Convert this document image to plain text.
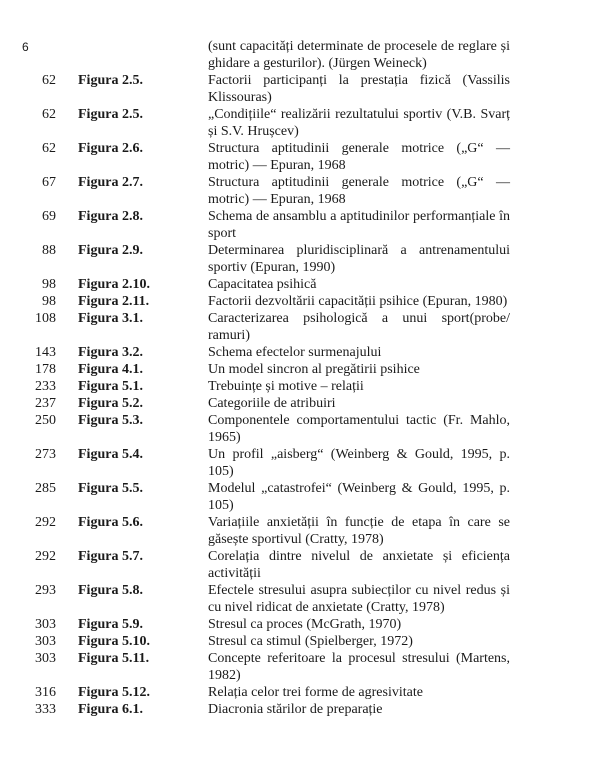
6	(sunt capacități determinate de procesele de reglare și ghidare a gesturilor). (Jürgen Weineck)
62	Figura 2.5.	Factorii participanți la prestația fizică (Vassilis Klissouras)
62	Figura 2.5.	„Condițiile“ realizării rezultatului sportiv (V.B. Svarț și S.V. Hrușcev)
62	Figura 2.6.	Structura aptitudinii generale motrice („G“ — motric) — Epuran, 1968
67	Figura 2.7.	Structura aptitudinii generale motrice („G“ — motric) — Epuran, 1968
69	Figura 2.8.	Schema de ansamblu a aptitudinilor performanțiale în sport
88	Figura 2.9.	Determinarea pluridisciplinară a antrenamentului sportiv (Epuran, 1990)
98	Figura 2.10.	Capacitatea psihică
98	Figura 2.11.	Factorii dezvoltării capacității psihice (Epuran, 1980)
108	Figura 3.1.	Caracterizarea psihologică a unui sport(probe/ ramuri)
143	Figura 3.2.	Schema efectelor surmenajului
178	Figura 4.1.	Un model sincron al pregătirii psihice
233	Figura 5.1.	Trebuințe și motive – relații
237	Figura 5.2.	Categoriile de atribuiri
250	Figura 5.3.	Componentele comportamentului tactic (Fr. Mahlo, 1965)
273	Figura 5.4.	Un profil „aisberg“ (Weinberg & Gould, 1995, p. 105)
285	Figura 5.5.	Modelul „catastrofei“ (Weinberg & Gould, 1995, p. 105)
292	Figura 5.6.	Variațiile anxietății în funcție de etapa în care se găsește sportivul (Cratty, 1978)
292	Figura 5.7.	Corelația dintre nivelul de anxietate și eficiența activității
293	Figura 5.8.	Efectele stresului asupra subiecților cu nivel redus și cu nivel ridicat de anxietate (Cratty, 1978)
303	Figura 5.9.	Stresul ca proces (McGrath, 1970)
303	Figura 5.10.	Stresul ca stimul (Spielberger, 1972)
303	Figura 5.11.	Concepte referitoare la procesul stresului (Martens, 1982)
316	Figura 5.12.	Relația celor trei forme de agresivitate
333	Figura 6.1.	Diacronia stărilor de preparație
